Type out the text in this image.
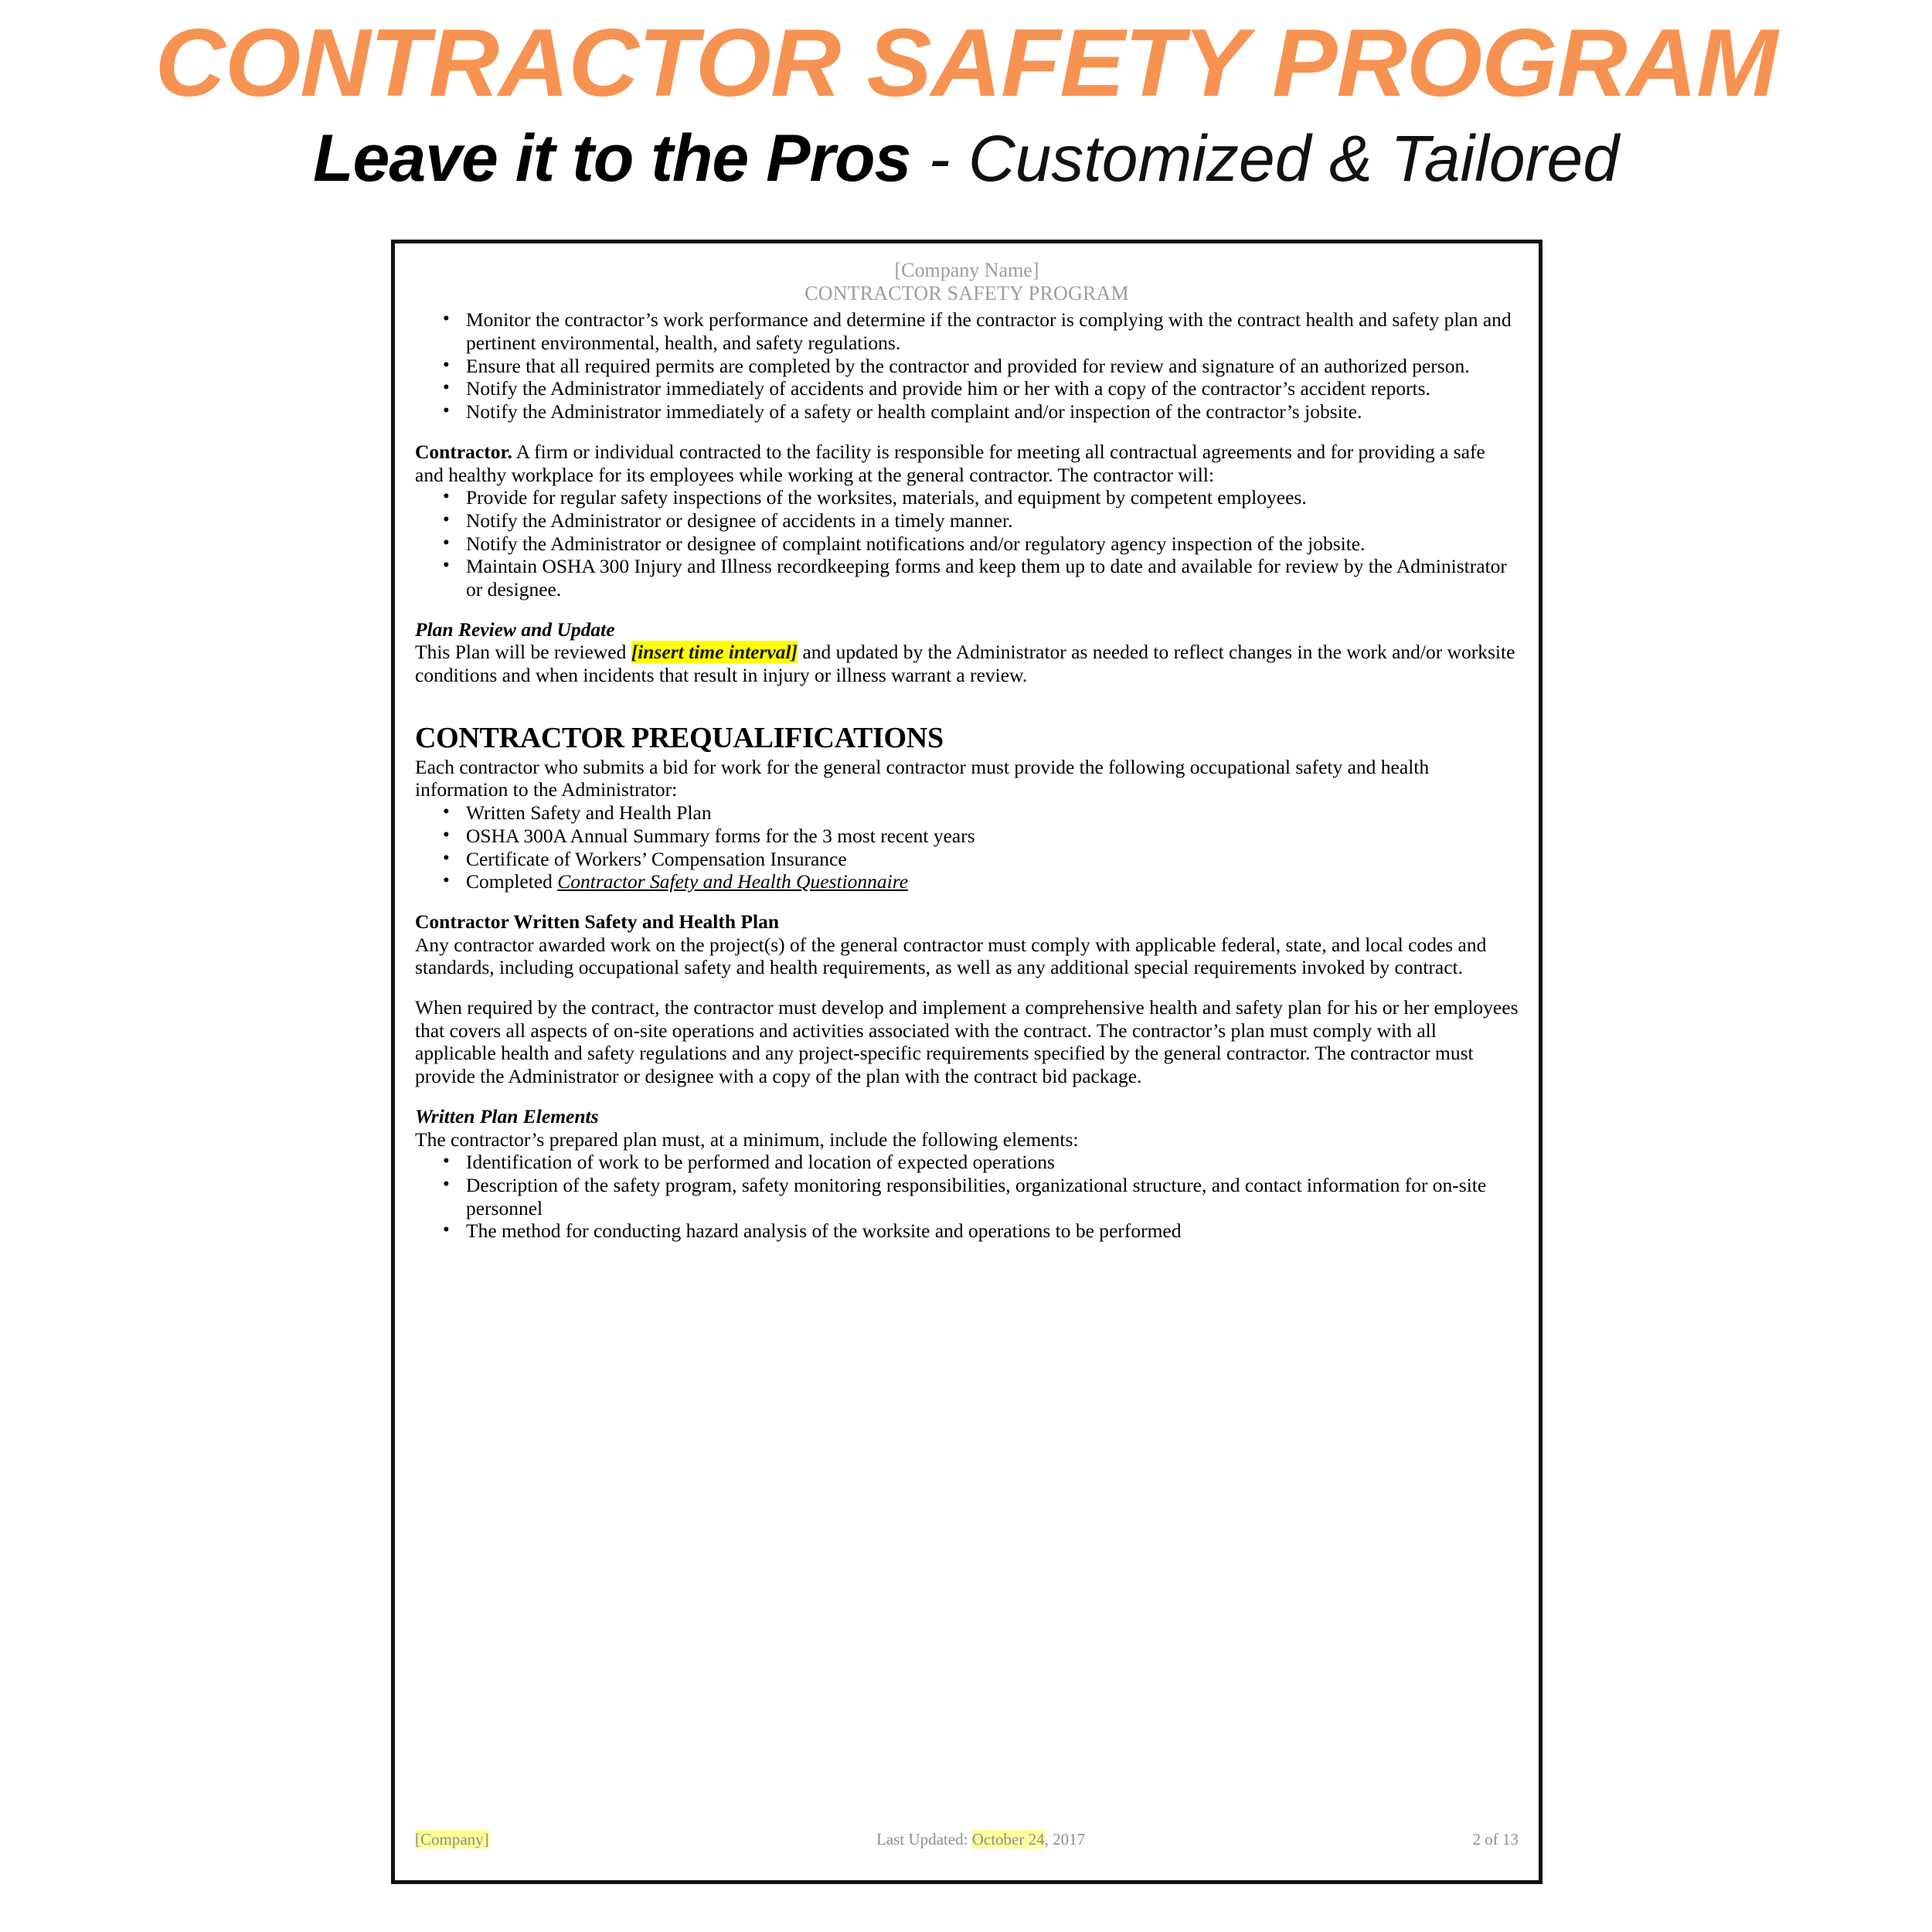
CONTRACTOR SAFETY PROGRAM
Leave it to the Pros - Customized & Tailored
[Company Name]
CONTRACTOR SAFETY PROGRAM
• Monitor the contractor’s work performance and determine if the contractor is complying with the contract health and safety plan and pertinent environmental, health, and safety regulations.
• Ensure that all required permits are completed by the contractor and provided for review and signature of an authorized person.
• Notify the Administrator immediately of accidents and provide him or her with a copy of the contractor’s accident reports.
• Notify the Administrator immediately of a safety or health complaint and/or inspection of the contractor’s jobsite.

Contractor. A firm or individual contracted to the facility is responsible for meeting all contractual agreements and for providing a safe and healthy workplace for its employees while working at the general contractor. The contractor will:

• Provide for regular safety inspections of the worksites, materials, and equipment by competent employees.
• Notify the Administrator or designee of accidents in a timely manner.
• Notify the Administrator or designee of complaint notifications and/or regulatory agency inspection of the jobsite.
• Maintain OSHA 300 Injury and Illness recordkeeping forms and keep them up to date and available for review by the Administrator or designee.
Plan Review and Update

This Plan will be reviewed [insert time interval] and updated by the Administrator as needed to reflect changes in the work and/or worksite conditions and when incidents that result in injury or illness warrant a review.

CONTRACTOR PREQUALIFICATIONS

Each contractor who submits a bid for work for the general contractor must provide the following occupational safety and health information to the Administrator:

• Written Safety and Health Plan
• OSHA 300A Annual Summary forms for the 3 most recent years
• Certificate of Workers’ Compensation Insurance
• Completed Contractor Safety and Health Questionnaire
Contractor Written Safety and Health Plan

Any contractor awarded work on the project(s) of the general contractor must comply with applicable federal, state, and local codes and standards, including occupational safety and health requirements, as well as any additional special requirements invoked by contract.

When required by the contract, the contractor must develop and implement a comprehensive health and safety plan for his or her employees that covers all aspects of on-site operations and activities associated with the contract. The contractor’s plan must comply with all applicable health and safety regulations and any project-specific requirements specified by the general contractor. The contractor must provide the Administrator or designee with a copy of the plan with the contract bid package.

Written Plan Elements

The contractor’s prepared plan must, at a minimum, include the following elements:

• Identification of work to be performed and location of expected operations
• Description of the safety program, safety monitoring responsibilities, organizational structure, and contact information for on-site personnel
• The method for conducting hazard analysis of the worksite and operations to be performed
[Company]	Last Updated: October 24, 2017	2 of 13
